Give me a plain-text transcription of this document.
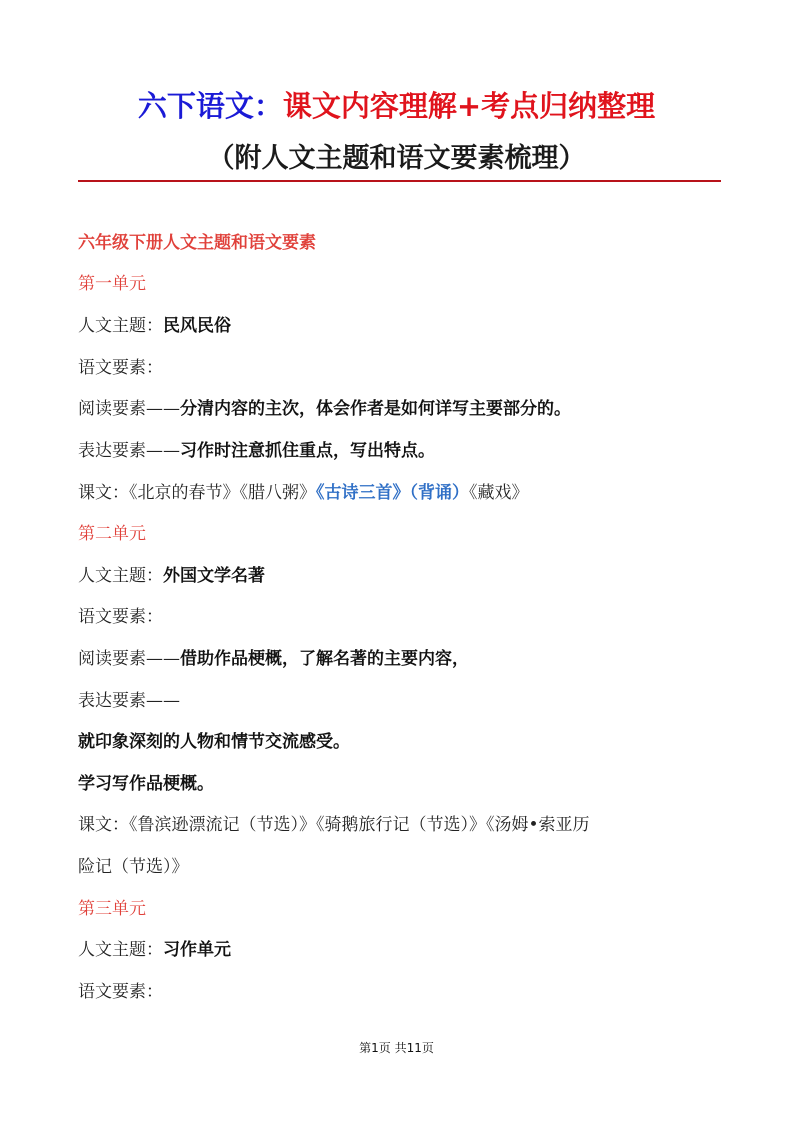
六下语文：课文内容理解+考点归纳整理
（附人文主题和语文要素梳理）
六年级下册人文主题和语文要素
第一单元
人文主题：民风民俗
语文要素：
阅读要素——分清内容的主次，体会作者是如何详写主要部分的。
表达要素——习作时注意抓住重点，写出特点。
课文：《北京的春节》《腊八粥》《古诗三首》（背诵）《藏戏》
第二单元
人文主题：外国文学名著
语文要素：
阅读要素——借助作品梗概，了解名著的主要内容，
表达要素——
就印象深刻的人物和情节交流感受。
学习写作品梗概。
课文：《鲁滨逊漂流记（节选）》《骑鹅旅行记（节选）》《汤姆•索亚历
险记（节选）》
第三单元
人文主题：习作单元
语文要素：
第1页 共11页
